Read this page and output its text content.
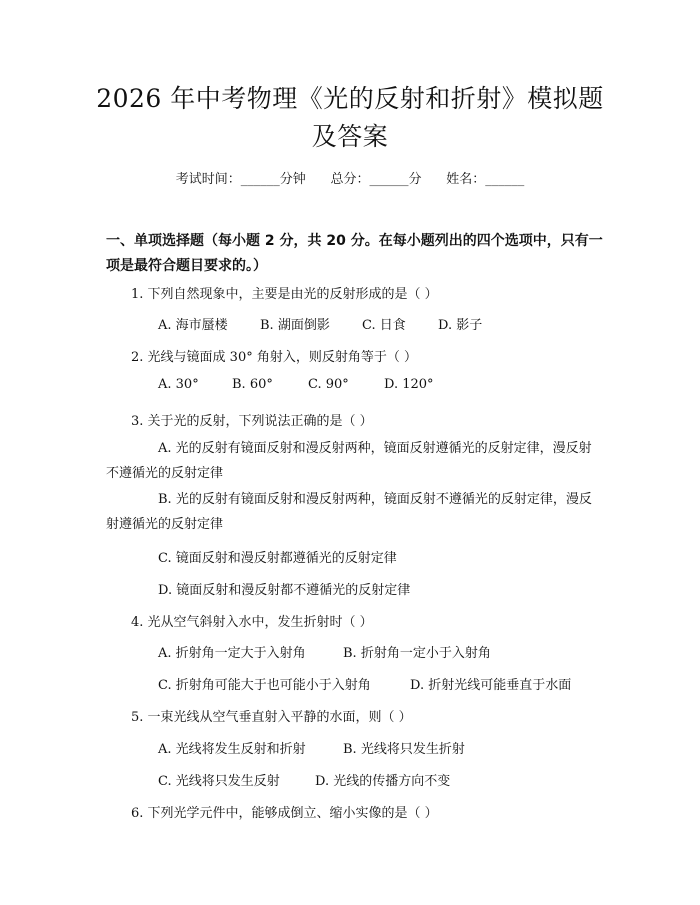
2026 年中考物理《光的反射和折射》模拟题
及答案
考试时间：______分钟      总分：______分      姓名：______
一、单项选择题（每小题 2 分，共 20 分。在每小题列出的四个选项中，只有一项是最符合题目要求的。）
1. 下列自然现象中，主要是由光的反射形成的是（ ）
A. 海市蜃楼 B. 湖面倒影 C. 日食 D. 影子
2. 光线与镜面成 30° 角射入，则反射角等于（ ）
A. 30°	B. 60°	C. 90°	D. 120°
3. 关于光的反射，下列说法正确的是（ ）
A. 光的反射有镜面反射和漫反射两种，镜面反射遵循光的反射定律，漫反射不遵循光的反射定律
B. 光的反射有镜面反射和漫反射两种，镜面反射不遵循光的反射定律，漫反射遵循光的反射定律
C. 镜面反射和漫反射都遵循光的反射定律
D. 镜面反射和漫反射都不遵循光的反射定律
4. 光从空气斜射入水中，发生折射时（ ）
A. 折射角一定大于入射角	B. 折射角一定小于入射角
C. 折射角可能大于也可能小于入射角	D. 折射光线可能垂直于水面
5. 一束光线从空气垂直射入平静的水面，则（ ）
A. 光线将发生反射和折射	B. 光线将只发生折射
C. 光线将只发生反射	D. 光线的传播方向不变
6. 下列光学元件中，能够成倒立、缩小实像的是（ ）
